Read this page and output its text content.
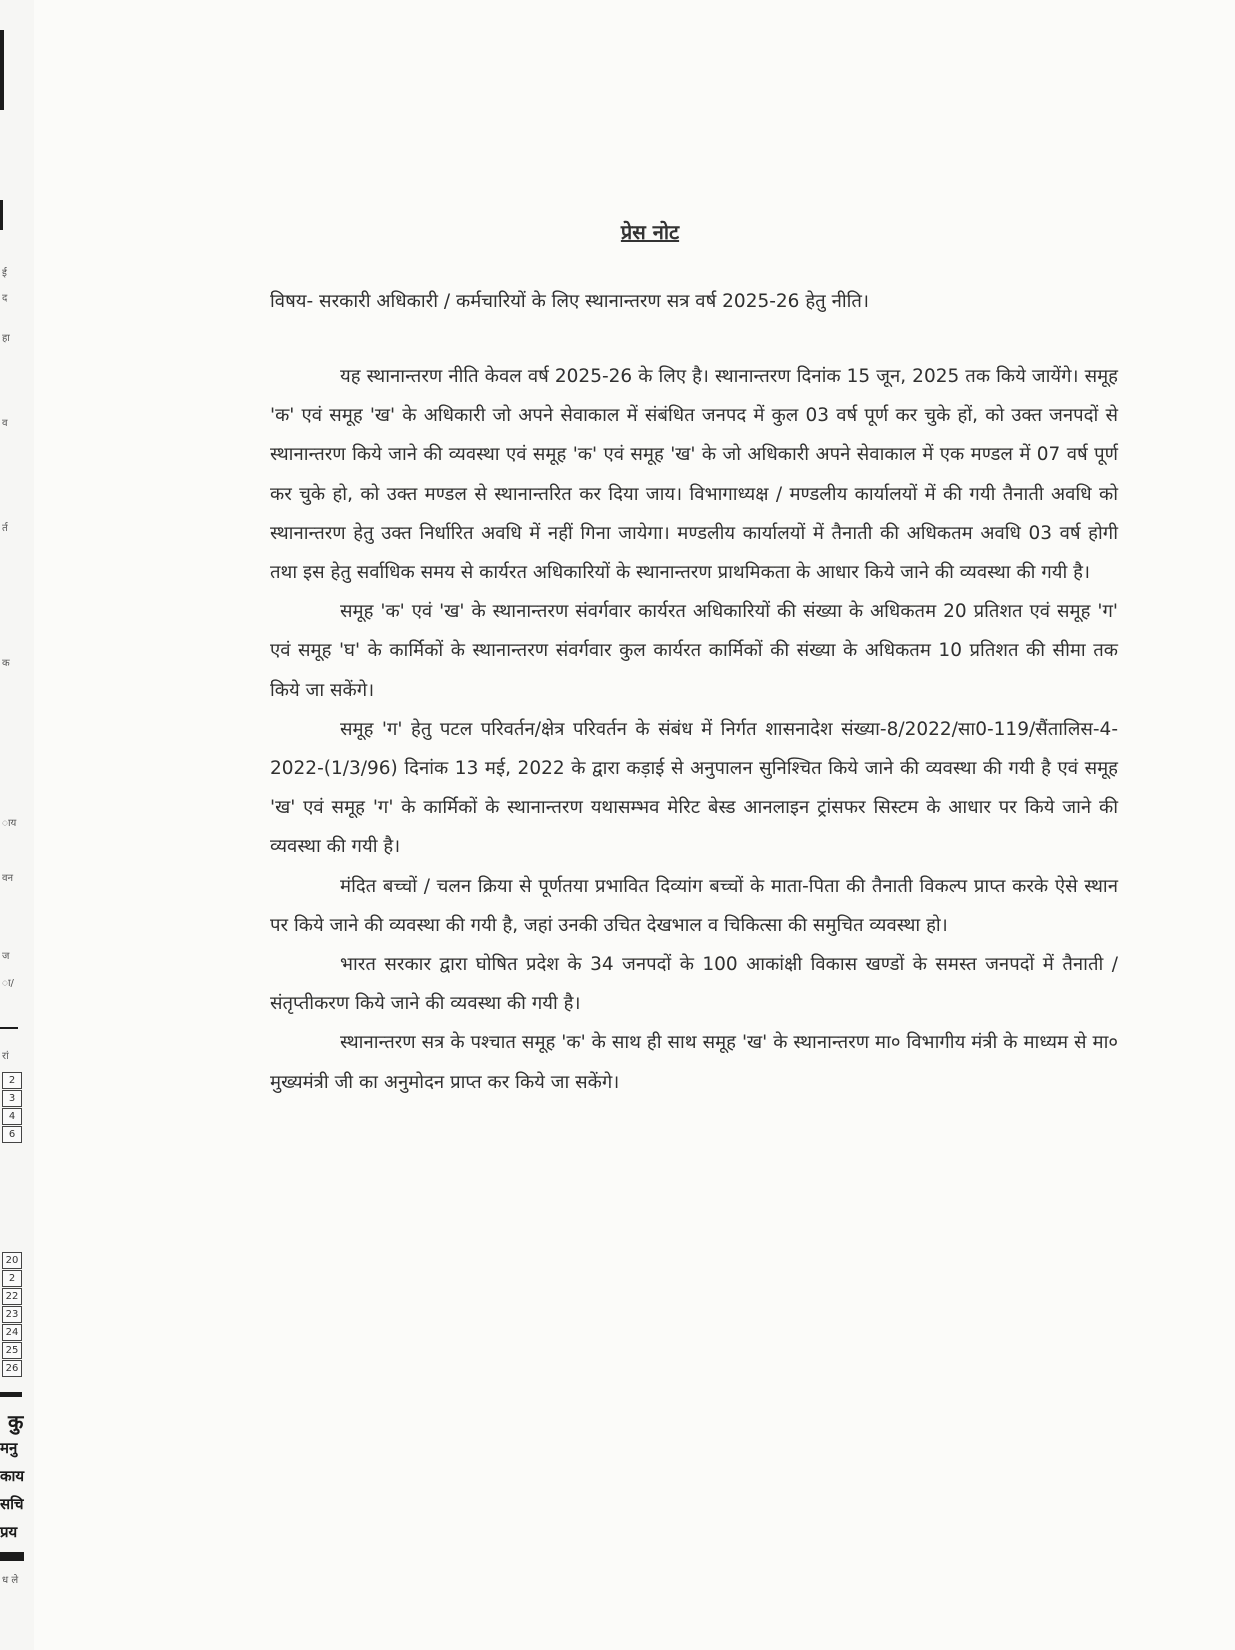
ई
द
हा
व
र्त
क
ाय
वन
ज
ा/
रां
2
3
4
6
20
2
22
23
24
25
26
कु
मनु
काय
सचि
प्रय
ध ले
प्रेस नोट
विषय- सरकारी अधिकारी / कर्मचारियों के लिए स्थानान्तरण सत्र वर्ष 2025-26 हेतु नीति।

यह स्थानान्तरण नीति केवल वर्ष 2025-26 के लिए है। स्थानान्तरण दिनांक 15 जून, 2025 तक किये जायेंगे। समूह 'क' एवं समूह 'ख' के अधिकारी जो अपने सेवाकाल में संबंधित जनपद में कुल 03 वर्ष पूर्ण कर चुके हों, को उक्त जनपदों से स्थानान्तरण किये जाने की व्यवस्था एवं समूह 'क' एवं समूह 'ख' के जो अधिकारी अपने सेवाकाल में एक मण्डल में 07 वर्ष पूर्ण कर चुके हो, को उक्त मण्डल से स्थानान्तरित कर दिया जाय। विभागाध्यक्ष / मण्डलीय कार्यालयों में की गयी तैनाती अवधि को स्थानान्तरण हेतु उक्त निर्धारित अवधि में नहीं गिना जायेगा। मण्डलीय कार्यालयों में तैनाती की अधिकतम अवधि 03 वर्ष होगी तथा इस हेतु सर्वाधिक समय से कार्यरत अधिकारियों के स्थानान्तरण प्राथमिकता के आधार किये जाने की व्यवस्था की गयी है।

समूह 'क' एवं 'ख' के स्थानान्तरण संवर्गवार कार्यरत अधिकारियों की संख्या के अधिकतम 20 प्रतिशत एवं समूह 'ग' एवं समूह 'घ' के कार्मिकों के स्थानान्तरण संवर्गवार कुल कार्यरत कार्मिकों की संख्या के अधिकतम 10 प्रतिशत की सीमा तक किये जा सकेंगे।

समूह 'ग' हेतु पटल परिवर्तन/क्षेत्र परिवर्तन के संबंध में निर्गत शासनादेश संख्या-8/2022/सा0-119/सैंतालिस-4-2022-(1/3/96) दिनांक 13 मई, 2022 के द्वारा कड़ाई से अनुपालन सुनिश्चित किये जाने की व्यवस्था की गयी है एवं समूह 'ख' एवं समूह 'ग' के कार्मिकों के स्थानान्तरण यथासम्भव मेरिट बेस्ड आनलाइन ट्रांसफर सिस्टम के आधार पर किये जाने की व्यवस्था की गयी है।

मंदित बच्चों / चलन क्रिया से पूर्णतया प्रभावित दिव्यांग बच्चों के माता-पिता की तैनाती विकल्प प्राप्त करके ऐसे स्थान पर किये जाने की व्यवस्था की गयी है, जहां उनकी उचित देखभाल व चिकित्सा की समुचित व्यवस्था हो।

भारत सरकार द्वारा घोषित प्रदेश के 34 जनपदों के 100 आकांक्षी विकास खण्डों के समस्त जनपदों में तैनाती / संतृप्तीकरण किये जाने की व्यवस्था की गयी है।

स्थानान्तरण सत्र के पश्चात समूह 'क' के साथ ही साथ समूह 'ख' के स्थानान्तरण मा० विभागीय मंत्री के माध्यम से मा० मुख्यमंत्री जी का अनुमोदन प्राप्त कर किये जा सकेंगे।
